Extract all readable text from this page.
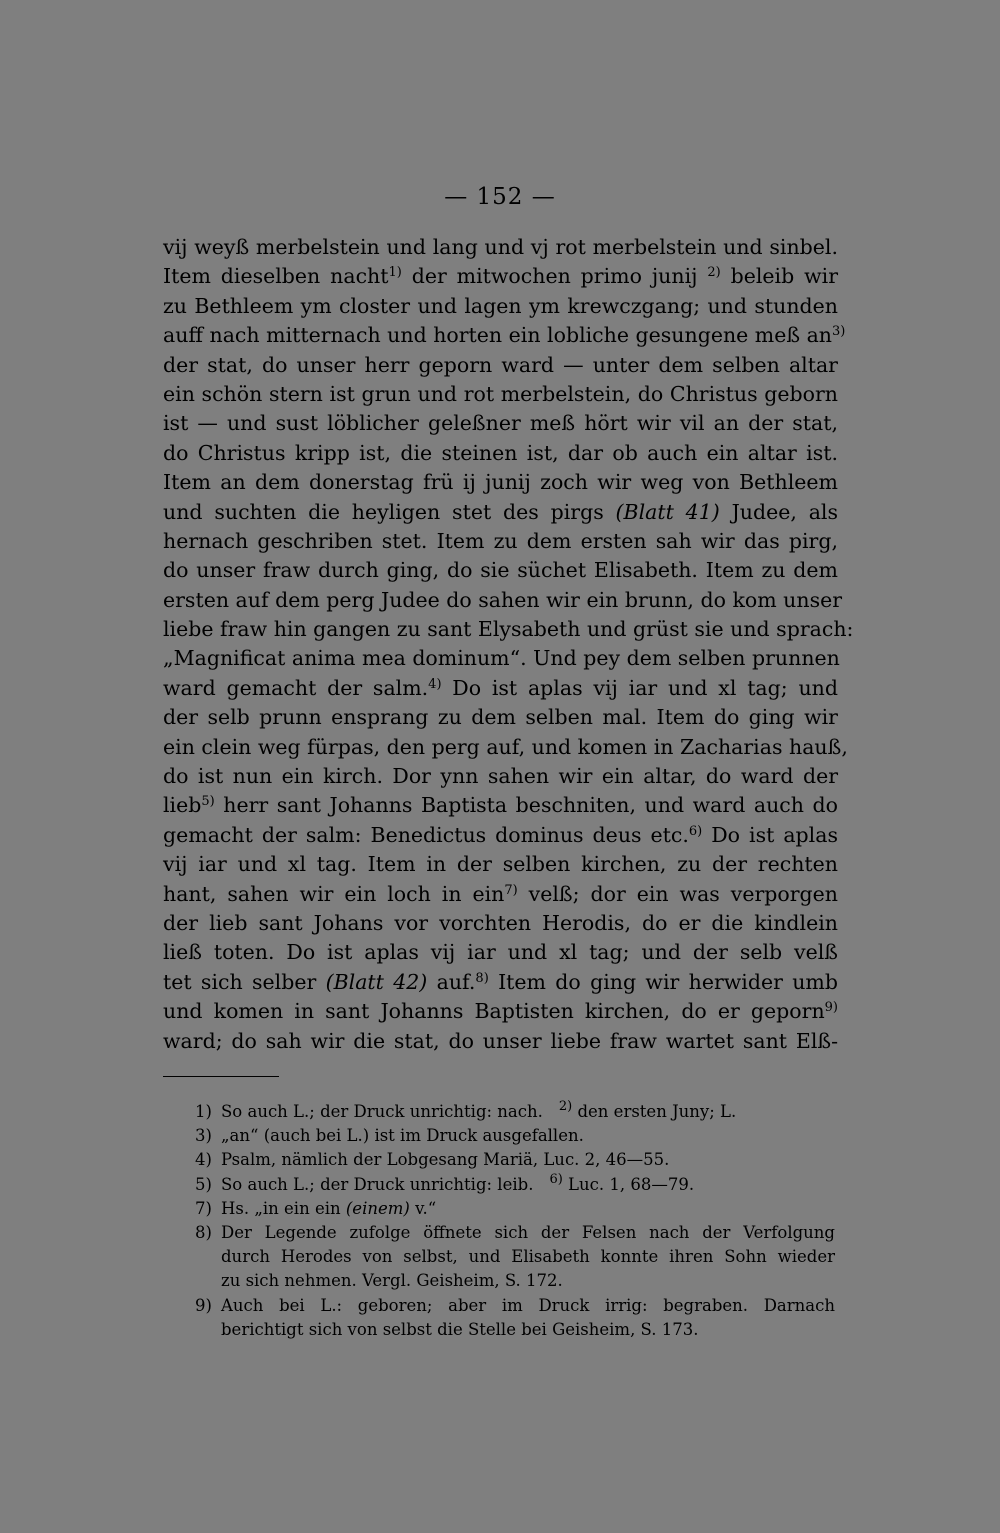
— 152 —
vij weyß merbelstein und lang und vj rot merbelstein und sinbel.
Item dieselben nacht$^{1)}$ der mitwochen primo junij $^{2)}$ beleib wir
zu Bethleem ym closter und lagen ym krewczgang; und stunden
auff nach mitternach und horten ein lobliche gesungene meß an$^{3)}$
der stat, do unser herr geporn ward — unter dem selben altar
ein schön stern ist grun und rot merbelstein, do Christus geborn
ist — und sust löblicher geleßner meß hört wir vil an der stat,
do Christus kripp ist, die steinen ist, dar ob auch ein altar ist.
Item an dem donerstag frü ij junij zoch wir weg von Bethleem
und suchten die heyligen stet des pirgs (Blatt 41) Judee, als
hernach geschriben stet. Item zu dem ersten sah wir das pirg,
do unser fraw durch ging, do sie süchet Elisabeth. Item zu dem
ersten auf dem perg Judee do sahen wir ein brunn, do kom unser
liebe fraw hin gangen zu sant Elysabeth und grüst sie und sprach:
„Magnificat anima mea dominum“. Und pey dem selben prunnen
ward gemacht der salm.$^{4)}$ Do ist aplas vij iar und xl tag; und
der selb prunn ensprang zu dem selben mal. Item do ging wir
ein clein weg fürpas, den perg auf, und komen in Zacharias hauß,
do ist nun ein kirch. Dor ynn sahen wir ein altar, do ward der
lieb$^{5)}$ herr sant Johanns Baptista beschniten, und ward auch do
gemacht der salm: Benedictus dominus deus etc.$^{6)}$ Do ist aplas
vij iar und xl tag. Item in der selben kirchen, zu der rechten
hant, sahen wir ein loch in ein$^{7)}$ velß; dor ein was verporgen
der lieb sant Johans vor vorchten Herodis, do er die kindlein
ließ toten. Do ist aplas vij iar und xl tag; und der selb velß
tet sich selber (Blatt 42) auf.$^{8)}$ Item do ging wir herwider umb
und komen in sant Johanns Baptisten kirchen, do er geporn$^{9)}$
ward; do sah wir die stat, do unser liebe fraw wartet sant Elß-
1) So auch L.; der Druck unrichtig: nach. $^{2)}$ den ersten Juny; L.
3) „an“ (auch bei L.) ist im Druck ausgefallen.
4) Psalm, nämlich der Lobgesang Mariä, Luc. 2, 46—55.
5) So auch L.; der Druck unrichtig: leib. $^{6)}$ Luc. 1, 68—79.
7) Hs. „in ein ein (einem) v.“
8) Der Legende zufolge öffnete sich der Felsen nach der Verfolgung
durch Herodes von selbst, und Elisabeth konnte ihren Sohn wieder
zu sich nehmen. Vergl. Geisheim, S. 172.
9) Auch bei L.: geboren; aber im Druck irrig: begraben. Darnach
berichtigt sich von selbst die Stelle bei Geisheim, S. 173.
